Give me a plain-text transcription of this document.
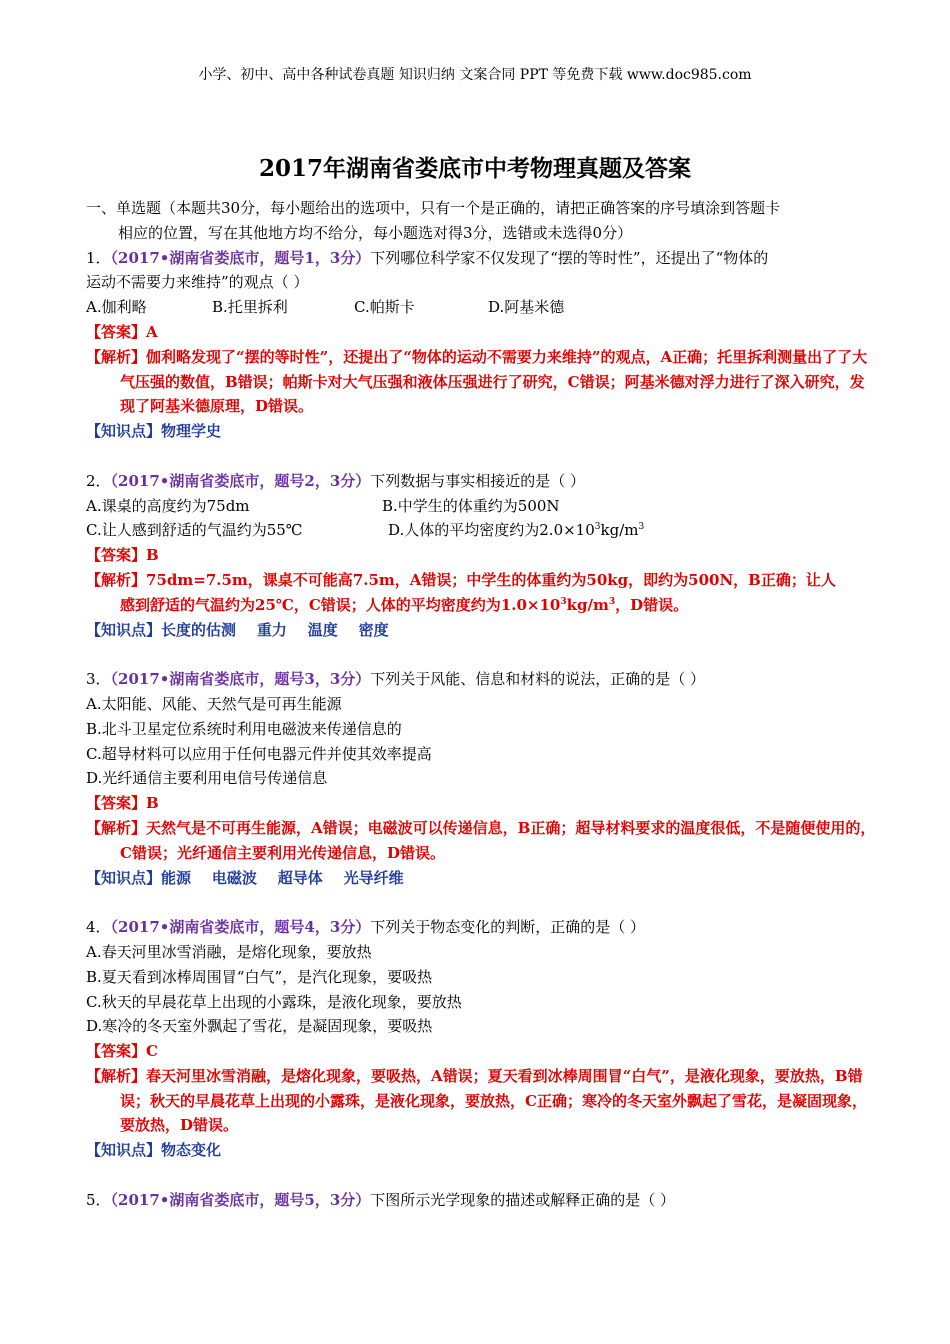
小学、初中、高中各种试卷真题 知识归纳 文案合同 PPT 等免费下载 www.doc985.com
2017年湖南省娄底市中考物理真题及答案
一、单选题（本题共30分，每小题给出的选项中，只有一个是正确的，请把正确答案的序号填涂到答题卡
相应的位置，写在其他地方均不给分，每小题选对得3分，选错或未选得0分）
1．（2017•湖南省娄底市，题号1，3分）下列哪位科学家不仅发现了“摆的等时性”，还提出了“物体的
运动不需要力来维持”的观点（ ）
A.伽利略	B.托里拆利	C.帕斯卡	D.阿基米德
【答案】A
【解析】伽利略发现了“摆的等时性”，还提出了“物体的运动不需要力来维持”的观点，A正确；托里拆利测量出了了大气压强的数值，B错误；帕斯卡对大气压强和液体压强进行了研究，C错误；阿基米德对浮力进行了深入研究，发现了阿基米德原理，D错误。
【知识点】物理学史
2．（2017•湖南省娄底市，题号2，3分）下列数据与事实相接近的是（ ）
A.课桌的高度约为75dm	B.中学生的体重约为500N
C.让人感到舒适的气温约为55℃	D.人体的平均密度约为$2.0\times 10^3kg/m^3$
【答案】B
【解析】75dm=7.5m，课桌不可能高7.5m，A错误；中学生的体重约为50kg，即约为500N，B正确；让人
感到舒适的气温约为25℃，C错误；人体的平均密度约为$1.0\times 10^3kg/m^3$，D错误。
【知识点】长度的估测    重力    温度    密度
3．（2017•湖南省娄底市，题号3，3分）下列关于风能、信息和材料的说法，正确的是（ ）
A.太阳能、风能、天然气是可再生能源
B.北斗卫星定位系统时利用电磁波来传递信息的
C.超导材料可以应用于任何电器元件并使其效率提高
D.光纤通信主要利用电信号传递信息
【答案】B
【解析】天然气是不可再生能源，A错误；电磁波可以传递信息，B正确；超导材料要求的温度很低，不是随便使用的，C错误；光纤通信主要利用光传递信息，D错误。
【知识点】能源    电磁波    超导体    光导纤维
4．（2017•湖南省娄底市，题号4，3分）下列关于物态变化的判断，正确的是（ ）
A.春天河里冰雪消融，是熔化现象，要放热
B.夏天看到冰棒周围冒“白气”，是汽化现象，要吸热
C.秋天的早晨花草上出现的小露珠，是液化现象，要放热
D.寒冷的冬天室外飘起了雪花，是凝固现象，要吸热
【答案】C
【解析】春天河里冰雪消融，是熔化现象，要吸热，A错误；夏天看到冰棒周围冒“白气”，是液化现象，要放热，B错误；秋天的早晨花草上出现的小露珠，是液化现象，要放热，C正确；寒冷的冬天室外飘起了雪花，是凝固现象，要放热，D错误。
【知识点】物态变化
5．（2017•湖南省娄底市，题号5，3分）下图所示光学现象的描述或解释正确的是（ ）
